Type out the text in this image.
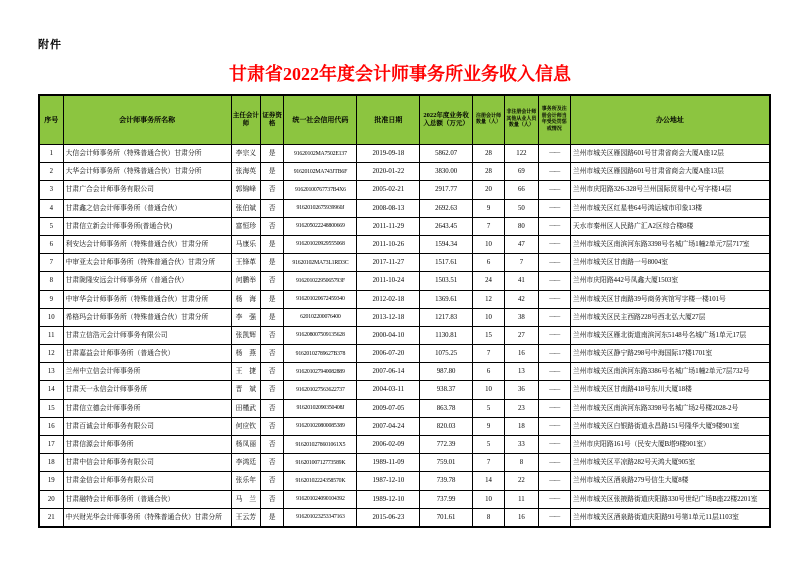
附件
甘肃省2022年度会计师事务所业务收入信息
序号	会计师事务所名称	主任会计师	证券资格	统一社会信用代码	批准日期	2022年度业务收入总额（万元）	注册会计师数量（人）	非注册会计师其他从业人员数量（人）	事务所及注册会计师当年受处罚惩戒情况	办公地址
1	大信会计师事务所（特殊普通合伙）甘肃分所	李宗义	是	91620102MA7502E137	2019-09-18	5862.07	28	122	——	兰州市城关区雁园路601号甘肃省商会大厦A座12层
2	大华会计师事务所（特殊普通合伙）甘肃分所	张海英	是	91620102MA743JTB6F	2020-01-22	3830.00	28	69	——	兰州市城关区雁园路601号甘肃省商会大厦A座13层
3	甘肃广合会计师事务有限公司	郭锦峰	否	91620100767737B4X6	2005-02-21	2917.77	20	66	——	兰州市庆阳路326-328号兰州国际贸易中心写字楼14层
4	甘肃鑫之信会计师事务所（普通合伙）	张伯斌	否	91620102675939960J	2008-08-13	2692.63	9	50	——	兰州市城关区红星巷64号鸿运城市印象13楼
5	甘肃信立新会计师事务所(普通合伙)	富恒珍	否	916205022248800669	2011-11-29	2643.45	7	80	——	天水市秦州区人民路广汇A2区综合楼8楼
6	利安达会计师事务所（特殊普通合伙）甘肃分所	马康乐	是	916201020929555068	2011-10-26	1594.34	10	47	——	兰州市城关区南滨河东路3398号名城广场1幢2单元7层717室
7	中审亚太会计师事务所（特殊普通合伙）甘肃分所	王锋革	是	91620102MA73L1RD3C	2017-11-27	1517.61	6	7	——	兰州市城关区甘南路一号8004室
8	甘肃陇隆安远会计师事务所（普通合伙）	何鹏举	否	91620102295065793F	2011-10-24	1503.51	24	41	——	兰州市庆阳路442号凤鑫大厦1503室
9	中审华会计师事务所（特殊普通合伙）甘肃分所	杨　海	是	916201020672459340	2012-02-18	1369.61	12	42	——	兰州市城关区甘南路39号商务宾馆写字楼一楼101号
10	希格玛会计师事务所（特殊普通合伙）甘肃分所	李　强	是	620102200076400	2013-12-18	1217.83	10	38	——	兰州市城关区民主西路228号西北弘大厦27层
11	甘肃立信浩元会计师事务有限公司	张凯辉	否	916208007509135628	2000-04-10	1130.81	15	27	——	兰州市城关区雁北街道南滨河东5148号名城广场1单元17层
12	甘肃嘉益会计师事务所（普通合伙）	杨　燕	否	91620102789627B378	2006-07-20	1075.25	7	16	——	兰州市城关区静宁路298号中海国际17楼1701室
13	兰州中立信会计师事务所	王　捷	否	916201027940082889	2007-06-14	987.80	6	13	——	兰州市城关区南滨河东路3386号名城广场1幢2单元7层732号
14	甘肃天一永信会计师事务所	晋　斌	否	916201027563622737	2004-03-11	938.37	10	36	——	兰州市城关区甘南路418号东川大厦18楼
15	甘肃信立德会计师事务所	田槿武	否	91620102090350408J	2009-07-05	863.78	5	23	——	兰州市城关区南滨河东路3398号名城广场2号楼2028-2号
16	甘肃百诚会计师事务有限公司	何应钦	否	916201020800085389	2007-04-24	820.03	9	18	——	兰州市城关区白银路街道永昌路151号隆华大厦9楼901室
17	甘肃信源会计师事务所	杨凤丽	否	9162010278601061X5	2006-02-09	772.39	5	33	——	兰州市庆阳路161号（民安大厦B塔9楼901室）
18	甘肃中信会计师事务有限公司	李鸿廷	否	91620100712773589K	1989-11-09	759.01	7	8	——	兰州市城关区平凉路282号天鸿大厦905室
19	甘肃金信会计师事务有限公司	张乐年	否	91620102224358570K	1987-12-10	739.78	14	22	——	兰州市城关区酒泉路279号信生大厦8楼
20	甘肃融特会计师事务所（普通合伙）	马　兰	否	916201024090104392	1989-12-10	737.99	10	11	——	兰州市城关区张掖路街道庆阳路330号世纪广场B座22楼2201室
21	中兴财光华会计师事务所（特殊普通合伙）甘肃分所	王云芳	是	916201023253347163	2015-06-23	701.61	8	16	——	兰州市城关区酒泉路街道庆阳路91号第1单元11层1103室
